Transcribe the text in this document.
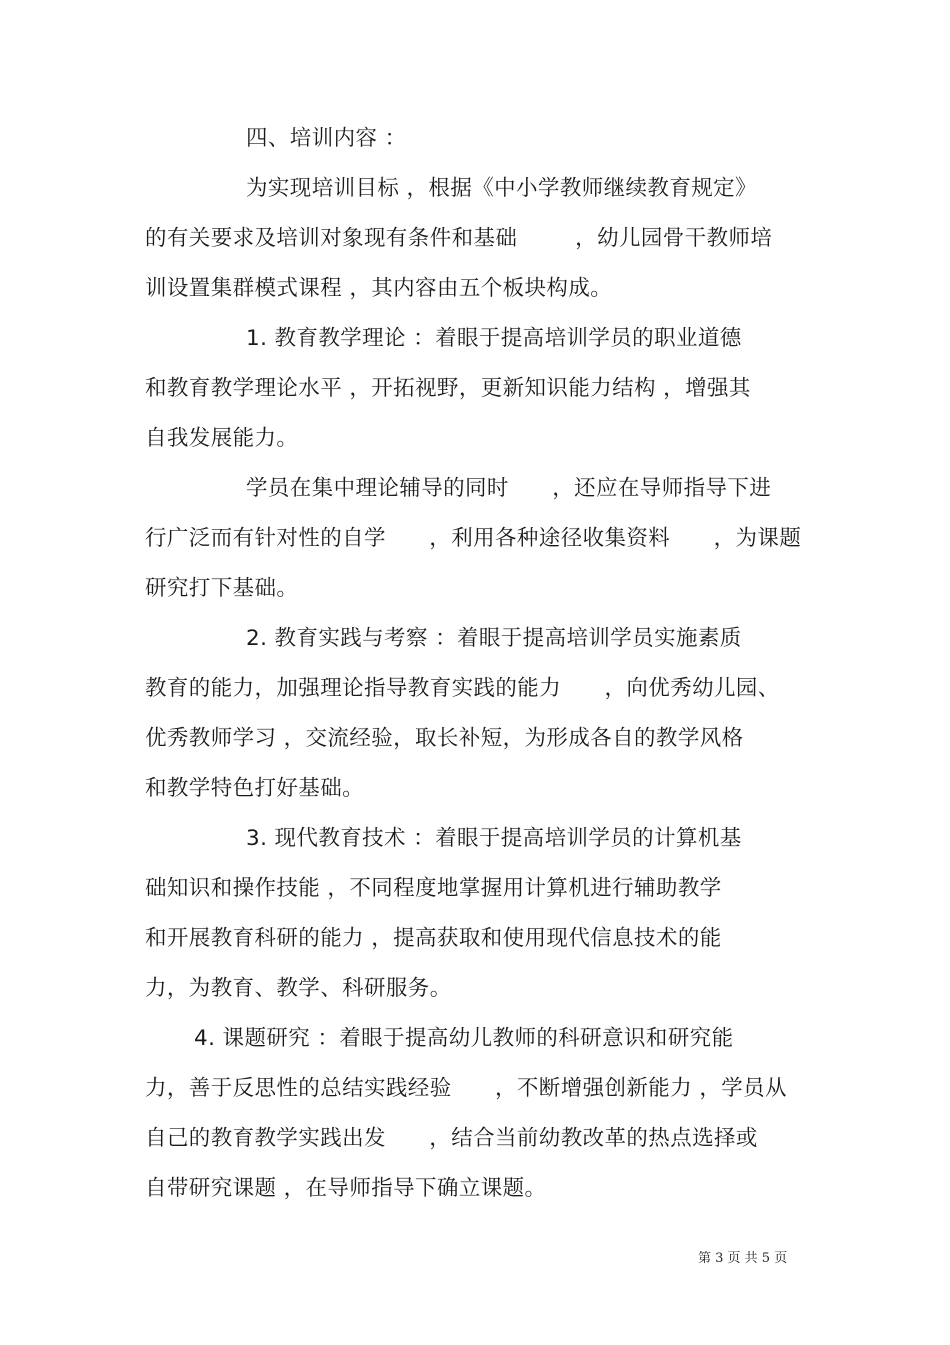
四、培训内容 ：
为实现培训目标 ，根据《中小学教师继续教育规定》
的有关要求及培训对象现有条件和基础        ，幼儿园骨干教师培
训设置集群模式课程 ，其内容由五个板块构成。
1. 教育教学理论 ：着眼于提高培训学员的职业道德
和教育教学理论水平 ，开拓视野，更新知识能力结构 ，增强其
自我发展能力。
学员在集中理论辅导的同时      ，还应在导师指导下进
行广泛而有针对性的自学      ，利用各种途径收集资料      ，为课题
研究打下基础。
2. 教育实践与考察 ：着眼于提高培训学员实施素质
教育的能力，加强理论指导教育实践的能力      ，向优秀幼儿园、
优秀教师学习 ，交流经验，取长补短，为形成各自的教学风格
和教学特色打好基础。
3. 现代教育技术 ：着眼于提高培训学员的计算机基
础知识和操作技能 ，不同程度地掌握用计算机进行辅助教学
和开展教育科研的能力 ，提高获取和使用现代信息技术的能
力，为教育、教学、科研服务。
4. 课题研究 ：着眼于提高幼儿教师的科研意识和研究能
力，善于反思性的总结实践经验      ，不断增强创新能力 ，学员从
自己的教育教学实践出发      ，结合当前幼教改革的热点选择或
自带研究课题 ，在导师指导下确立课题。
第 3 页 共 5 页
